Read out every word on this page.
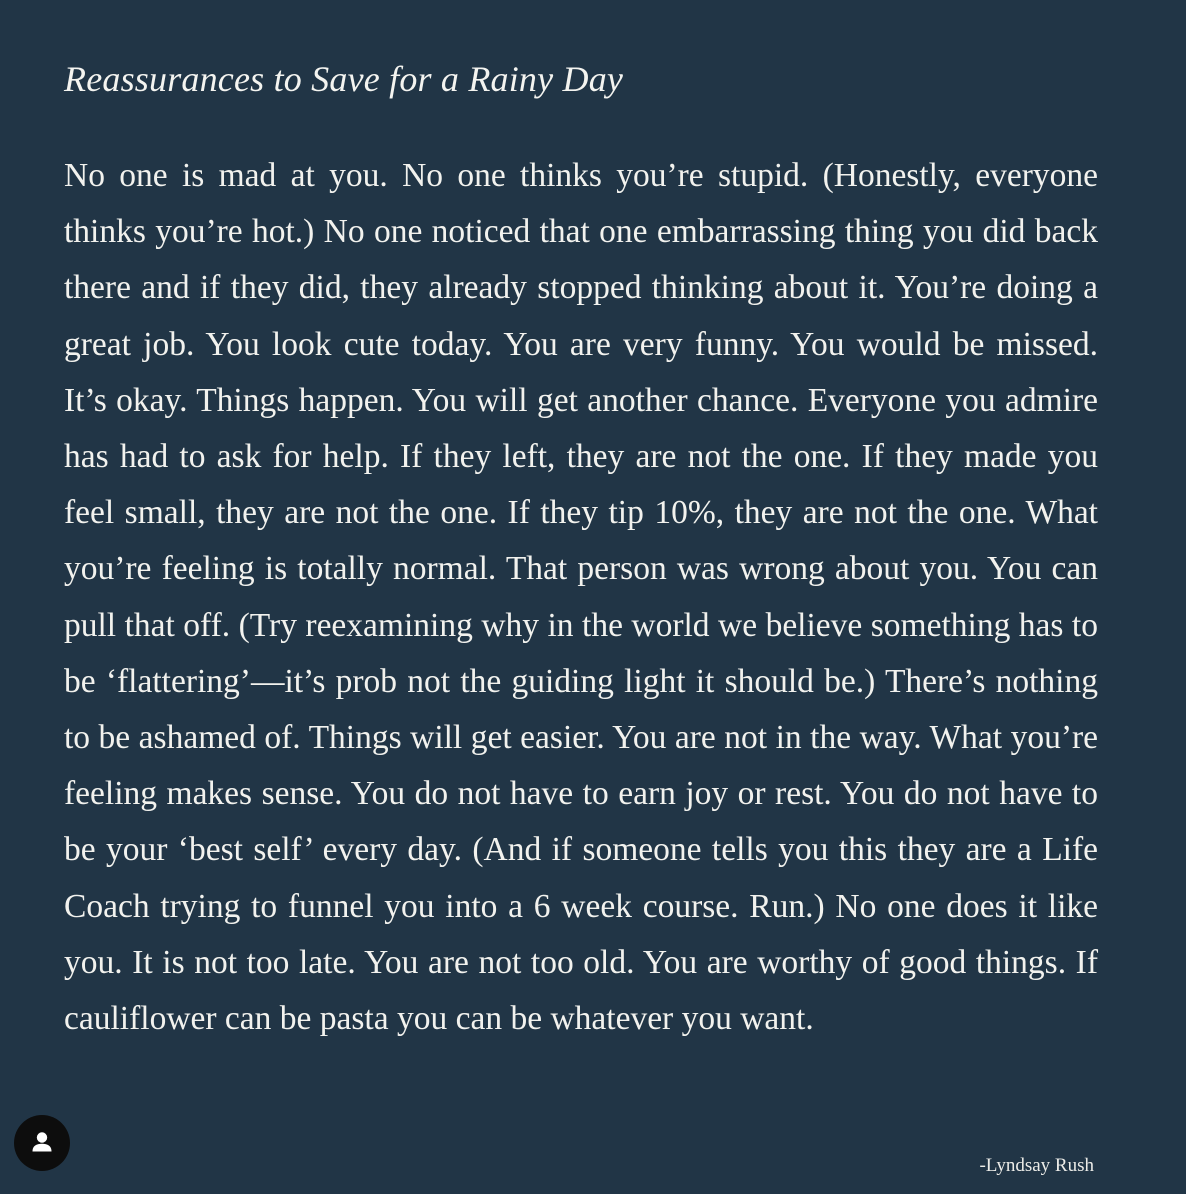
Reassurances to Save for a Rainy Day

No one is mad at you. No one thinks you’re stupid. (Honestly, everyone thinks you’re hot.) No one noticed that one embarrassing thing you did back there and if they did, they already stopped thinking about it. You’re doing a great job. You look cute today. You are very funny. You would be missed. It’s okay. Things happen. You will get another chance. Everyone you admire has had to ask for help. If they left, they are not the one. If they made you feel small, they are not the one. If they tip 10%, they are not the one. What you’re feeling is totally normal. That person was wrong about you. You can pull that off. (Try reexamining why in the world we believe something has to be ‘flattering’—it’s prob not the guiding light it should be.) There’s nothing to be ashamed of. Things will get easier. You are not in the way. What you’re feeling makes sense. You do not have to earn joy or rest. You do not have to be your ‘best self’ every day. (And if someone tells you this they are a Life Coach trying to funnel you into a 6 week course. Run.) No one does it like you. It is not too late. You are not too old. You are worthy of good things. If cauliflower can be pasta you can be whatever you want.

-Lyndsay Rush
